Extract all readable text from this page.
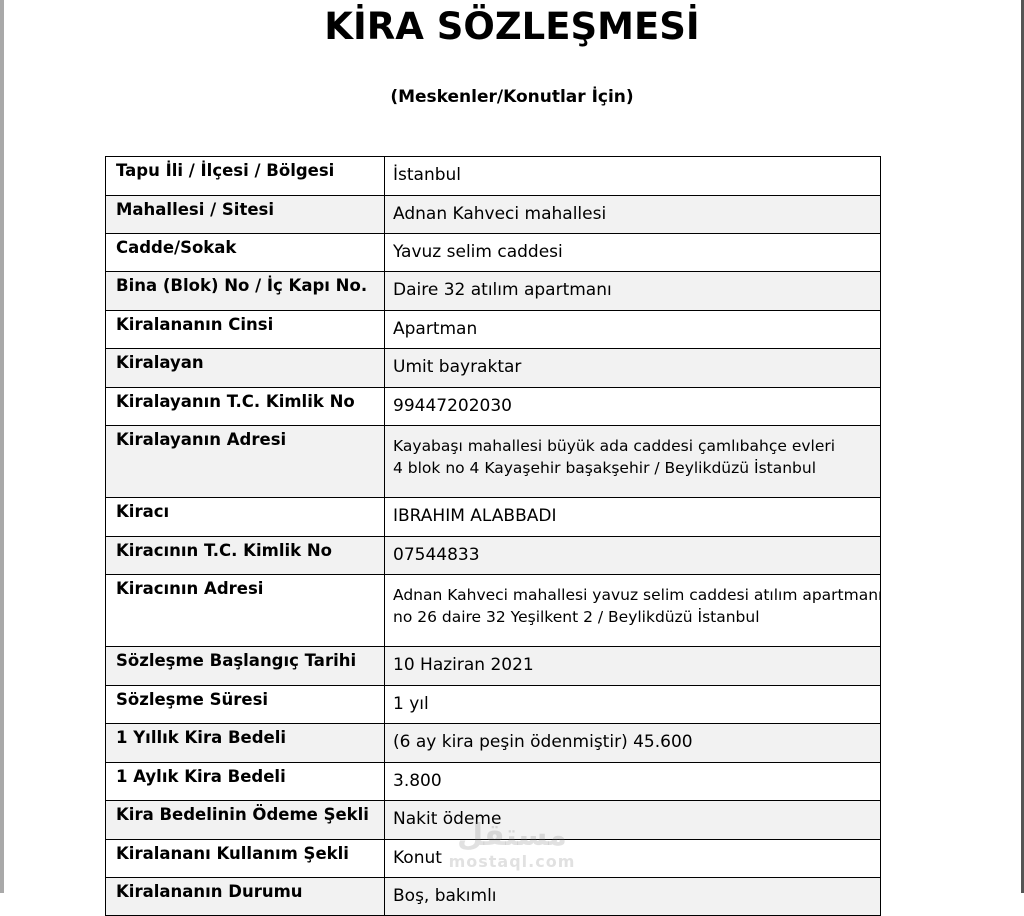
KİRA SÖZLEŞMESİ
(Meskenler/Konutlar İçin)
Tapu İli / İlçesi / Bölgesi	İstanbul

Mahallesi / Sitesi	Adnan Kahveci mahallesi

Cadde/Sokak	Yavuz selim caddesi

Bina (Blok) No / İç Kapı No.	Daire 32 atılım apartmanı

Kiralananın Cinsi	Apartman

Kiralayan	Umit bayraktar

Kiralayanın T.C. Kimlik No	99447202030

Kiralayanın Adresi	Kayabaşı mahallesi büyük ada caddesi çamlıbahçe evleri
4 blok no 4 Kayaşehir başakşehir / Beylikdüzü İstanbul

Kiracı	IBRAHIM ALABBADI

Kiracının T.C. Kimlik No	07544833

Kiracının Adresi	Adnan Kahveci mahallesi yavuz selim caddesi atılım apartmanı
no 26 daire 32 Yeşilkent 2 / Beylikdüzü İstanbul

Sözleşme Başlangıç Tarihi	10 Haziran 2021

Sözleşme Süresi	1 yıl

1 Yıllık Kira Bedeli	(6 ay kira peşin ödenmiştir) 45.600

1 Aylık Kira Bedeli	3.800

Kira Bedelinin Ödeme Şekli	Nakit ödeme

Kiralananı Kullanım Şekli	Konut

Kiralananın Durumu	Boş, bakımlı
مستقل
mostaql.com
